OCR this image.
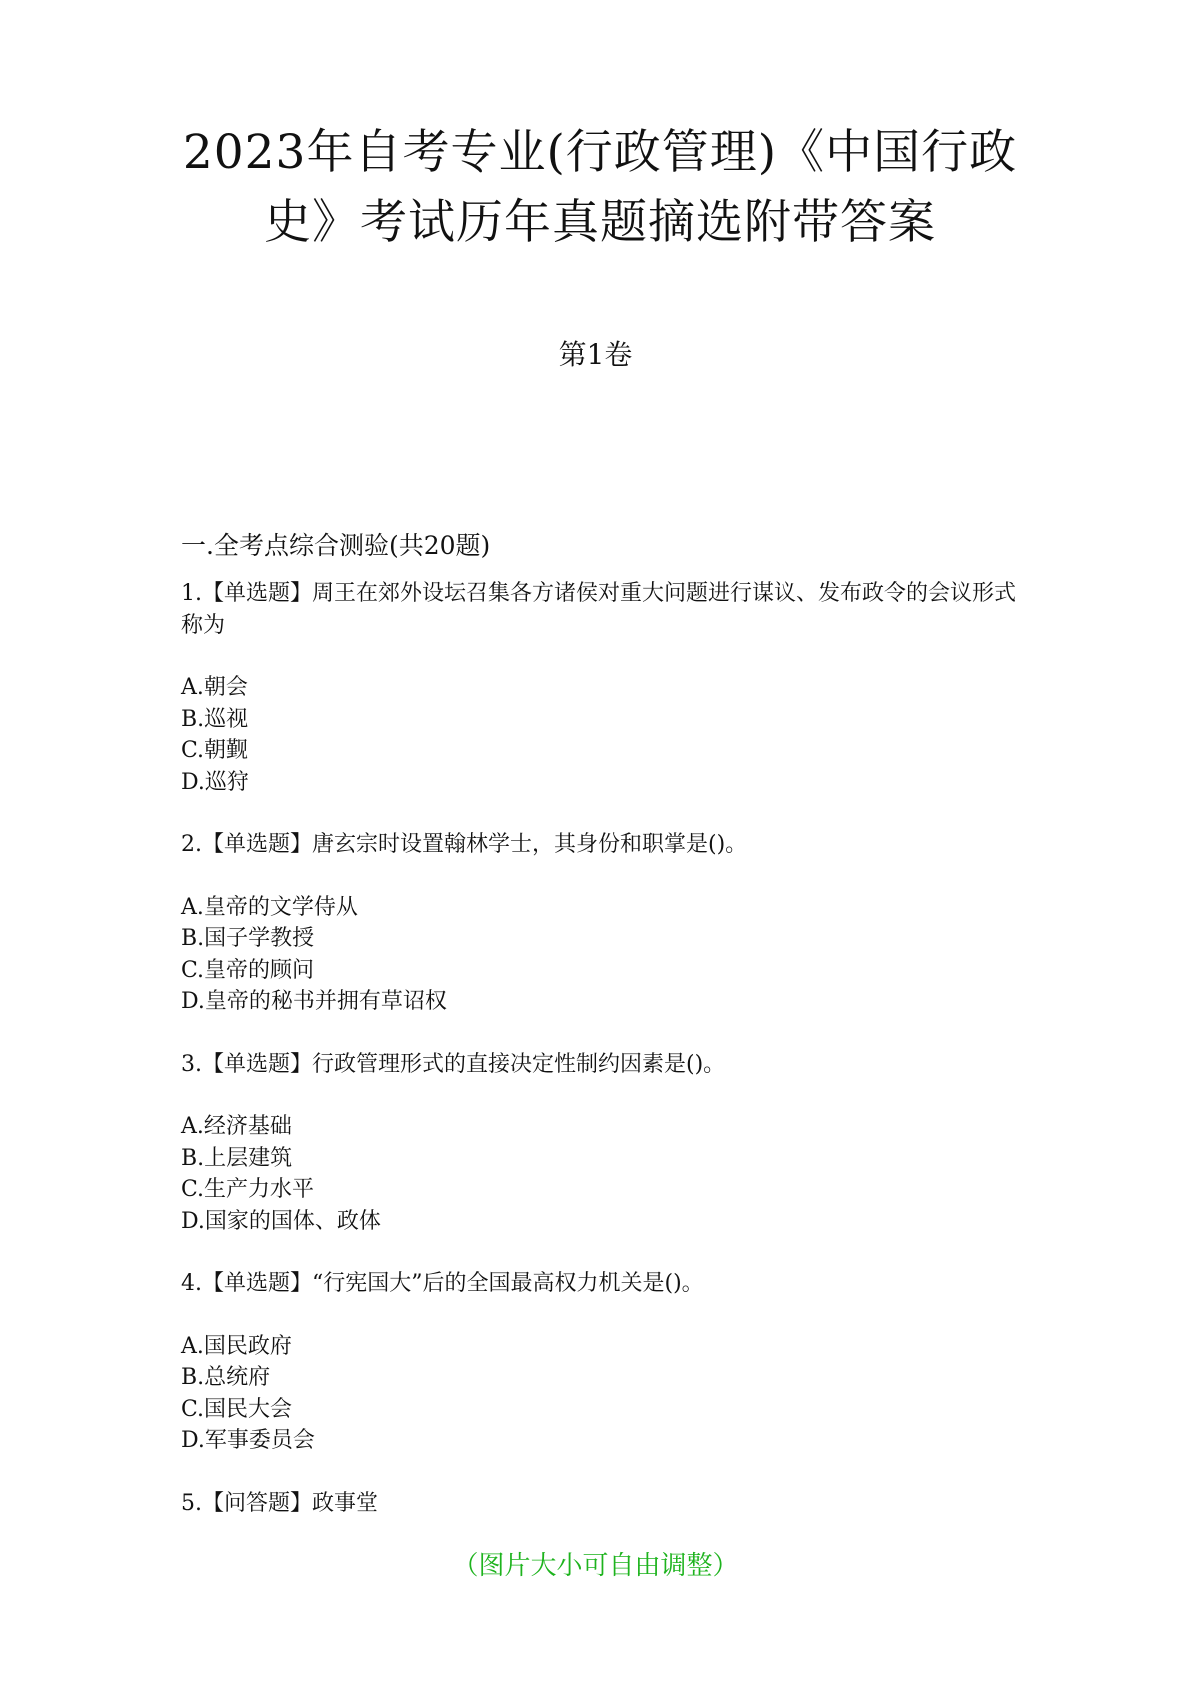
2023年自考专业(行政管理)《中国行政
史》考试历年真题摘选附带答案
第1卷
一.全考点综合测验(共20题)

1.【单选题】周王在郊外设坛召集各方诸侯对重大问题进行谋议、发布政令的会议形式称为

A.朝会
B.巡视
C.朝觐
D.巡狩

2.【单选题】唐玄宗时设置翰林学士，其身份和职掌是()。

A.皇帝的文学侍从
B.国子学教授
C.皇帝的顾问
D.皇帝的秘书并拥有草诏权

3.【单选题】行政管理形式的直接决定性制约因素是()。

A.经济基础
B.上层建筑
C.生产力水平
D.国家的国体、政体

4.【单选题】“行宪国大”后的全国最高权力机关是()。

A.国民政府
B.总统府
C.国民大会
D.军事委员会

5.【问答题】政事堂

（图片大小可自由调整）
